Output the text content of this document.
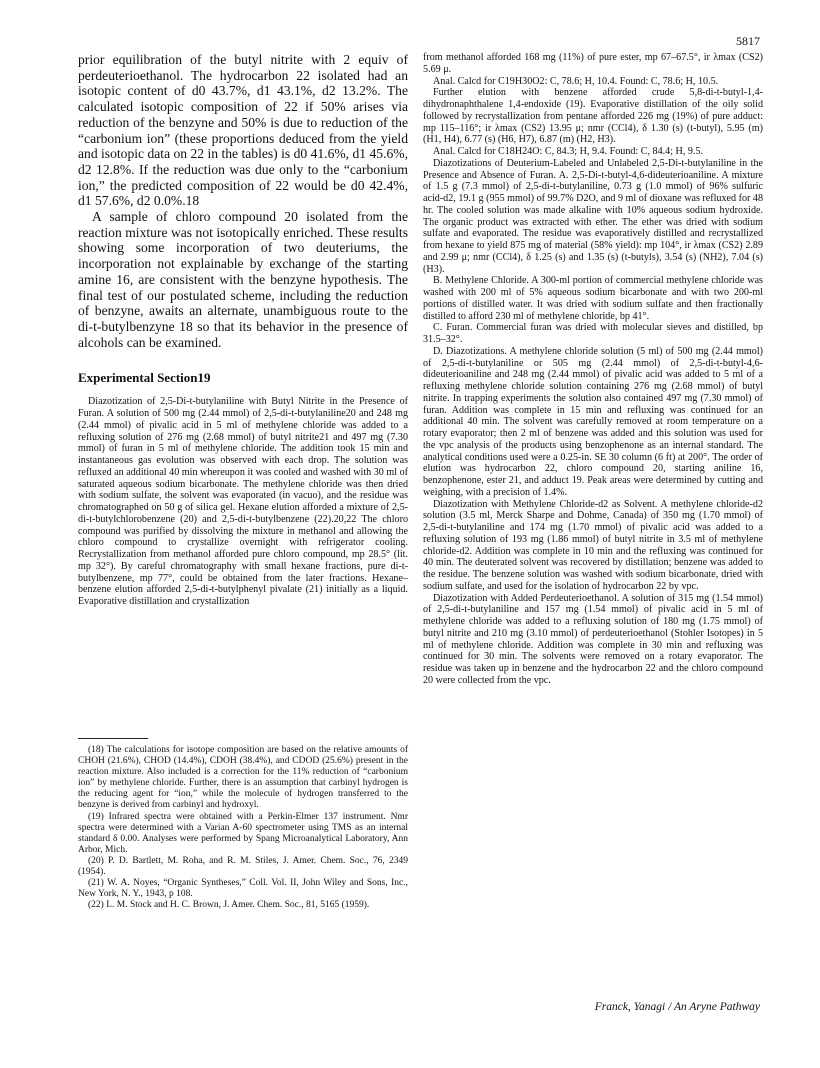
5817

prior equilibration of the butyl nitrite with 2 equiv of perdeuterioethanol. The hydrocarbon 22 isolated had an isotopic content of d0 43.7%, d1 43.1%, d2 13.2%. The calculated isotopic composition of 22 if 50% arises via reduction of the benzyne and 50% is due to reduction of the “carbonium ion” (these proportions deduced from the yield and isotopic data on 22 in the tables) is d0 41.6%, d1 45.6%, d2 12.8%. If the reduction was due only to the “carbonium ion,” the predicted composition of 22 would be d0 42.4%, d1 57.6%, d2 0.0%.18

A sample of chloro compound 20 isolated from the reaction mixture was not isotopically enriched. These results showing some incorporation of two deuteriums, the incorporation not explainable by exchange of the starting amine 16, are consistent with the benzyne hypothesis. The final test of our postulated scheme, including the reduction of benzyne, awaits an alternate, unambiguous route to the di-t-butylbenzyne 18 so that its behavior in the presence of alcohols can be examined.

Experimental Section19

Diazotization of 2,5-Di-t-butylaniline with Butyl Nitrite in the Presence of Furan. A solution of 500 mg (2.44 mmol) of 2,5-di-t-butylaniline20 and 248 mg (2.44 mmol) of pivalic acid in 5 ml of methylene chloride was added to a refluxing solution of 276 mg (2.68 mmol) of butyl nitrite21 and 497 mg (7.30 mmol) of furan in 5 ml of methylene chloride. The addition took 15 min and instantaneous gas evolution was observed with each drop. The solution was refluxed an additional 40 min whereupon it was cooled and washed with 30 ml of saturated aqueous sodium bicarbonate. The methylene chloride was then dried with sodium sulfate, the solvent was evaporated (in vacuo), and the residue was chromatographed on 50 g of silica gel. Hexane elution afforded a mixture of 2,5-di-t-butylchlorobenzene (20) and 2,5-di-t-butylbenzene (22).20,22 The chloro compound was purified by dissolving the mixture in methanol and allowing the chloro compound to crystallize overnight with refrigerator cooling. Recrystallization from methanol afforded pure chloro compound, mp 28.5° (lit. mp 32°). By careful chromatography with small hexane fractions, pure di-t-butylbenzene, mp 77°, could be obtained from the later fractions. Hexane–benzene elution afforded 2,5-di-t-butylphenyl pivalate (21) initially as a liquid. Evaporative distillation and crystallization

(18) The calculations for isotope composition are based on the relative amounts of CHOH (21.6%), CHOD (14.4%), CDOH (38.4%), and CDOD (25.6%) present in the reaction mixture. Also included is a correction for the 11% reduction of “carbonium ion” by methylene chloride. Further, there is an assumption that carbinyl hydrogen is the reducing agent for “ion,” while the molecule of hydrogen transferred to the benzyne is derived from carbinyl and hydroxyl.

(19) Infrared spectra were obtained with a Perkin-Elmer 137 instrument. Nmr spectra were determined with a Varian A-60 spectrometer using TMS as an internal standard δ 0.00. Analyses were performed by Spang Microanalytical Laboratory, Ann Arbor, Mich.

(20) P. D. Bartlett, M. Roha, and R. M. Stiles, J. Amer. Chem. Soc., 76, 2349 (1954).

(21) W. A. Noyes, “Organic Syntheses,” Coll. Vol. II, John Wiley and Sons, Inc., New York, N. Y., 1943, p 108.

(22) L. M. Stock and H. C. Brown, J. Amer. Chem. Soc., 81, 5165 (1959).

from methanol afforded 168 mg (11%) of pure ester, mp 67–67.5°, ir λmax (CS2) 5.69 μ.

Anal. Calcd for C19H30O2: C, 78.6; H, 10.4. Found: C, 78.6; H, 10.5.

Further elution with benzene afforded crude 5,8-di-t-butyl-1,4-dihydronaphthalene 1,4-endoxide (19). Evaporative distillation of the oily solid followed by recrystallization from pentane afforded 226 mg (19%) of pure adduct: mp 115–116°; ir λmax (CS2) 13.95 μ; nmr (CCl4), δ 1.30 (s) (t-butyl), 5.95 (m) (H1, H4), 6.77 (s) (H6, H7), 6.87 (m) (H2, H3).

Anal. Calcd for C18H24O: C, 84.3; H, 9.4. Found: C, 84.4; H, 9.5.

Diazotizations of Deuterium-Labeled and Unlabeled 2,5-Di-t-butylaniline in the Presence and Absence of Furan. A. 2,5-Di-t-butyl-4,6-dideuterioaniline. A mixture of 1.5 g (7.3 mmol) of 2,5-di-t-butylaniline, 0.73 g (1.0 mmol) of 96% sulfuric acid-d2, 19.1 g (955 mmol) of 99.7% D2O, and 9 ml of dioxane was refluxed for 48 hr. The cooled solution was made alkaline with 10% aqueous sodium hydroxide. The organic product was extracted with ether. The ether was dried with sodium sulfate and evaporated. The residue was evaporatively distilled and recrystallized from hexane to yield 875 mg of material (58% yield): mp 104°, ir λmax (CS2) 2.89 and 2.99 μ; nmr (CCl4), δ 1.25 (s) and 1.35 (s) (t-butyls), 3.54 (s) (NH2), 7.04 (s) (H3).

B. Methylene Chloride. A 300-ml portion of commercial methylene chloride was washed with 200 ml of 5% aqueous sodium bicarbonate and with two 200-ml portions of distilled water. It was dried with sodium sulfate and then fractionally distilled to afford 230 ml of methylene chloride, bp 41°.

C. Furan. Commercial furan was dried with molecular sieves and distilled, bp 31.5–32°.

D. Diazotizations. A methylene chloride solution (5 ml) of 500 mg (2.44 mmol) of 2,5-di-t-butylaniline or 505 mg (2.44 mmol) of 2,5-di-t-butyl-4,6-dideuterioaniline and 248 mg (2.44 mmol) of pivalic acid was added to 5 ml of a refluxing methylene chloride solution containing 276 mg (2.68 mmol) of butyl nitrite. In trapping experiments the solution also contained 497 mg (7.30 mmol) of furan. Addition was complete in 15 min and refluxing was continued for an additional 40 min. The solvent was carefully removed at room temperature on a rotary evaporator; then 2 ml of benzene was added and this solution was used for the vpc analysis of the products using benzophenone as an internal standard. The analytical conditions used were a 0.25-in. SE 30 column (6 ft) at 200°. The order of elution was hydrocarbon 22, chloro compound 20, starting aniline 16, benzophenone, ester 21, and adduct 19. Peak areas were determined by cutting and weighing, with a precision of 1.4%.

Diazotization with Methylene Chloride-d2 as Solvent. A methylene chloride-d2 solution (3.5 ml, Merck Sharpe and Dohme, Canada) of 350 mg (1.70 mmol) of 2,5-di-t-butylaniline and 174 mg (1.70 mmol) of pivalic acid was added to a refluxing solution of 193 mg (1.86 mmol) of butyl nitrite in 3.5 ml of methylene chloride-d2. Addition was complete in 10 min and the refluxing was continued for 40 min. The deuterated solvent was recovered by distillation; benzene was added to the residue. The benzene solution was washed with sodium bicarbonate, dried with sodium sulfate, and used for the isolation of hydrocarbon 22 by vpc.

Diazotization with Added Perdeuterioethanol. A solution of 315 mg (1.54 mmol) of 2,5-di-t-butylaniline and 157 mg (1.54 mmol) of pivalic acid in 5 ml of methylene chloride was added to a refluxing solution of 180 mg (1.75 mmol) of butyl nitrite and 210 mg (3.10 mmol) of perdeuterioethanol (Stohler Isotopes) in 5 ml of methylene chloride. Addition was complete in 30 min and refluxing was continued for 30 min. The solvents were removed on a rotary evaporator. The residue was taken up in benzene and the hydrocarbon 22 and the chloro compound 20 were collected from the vpc.

Franck, Yanagi / An Aryne Pathway
